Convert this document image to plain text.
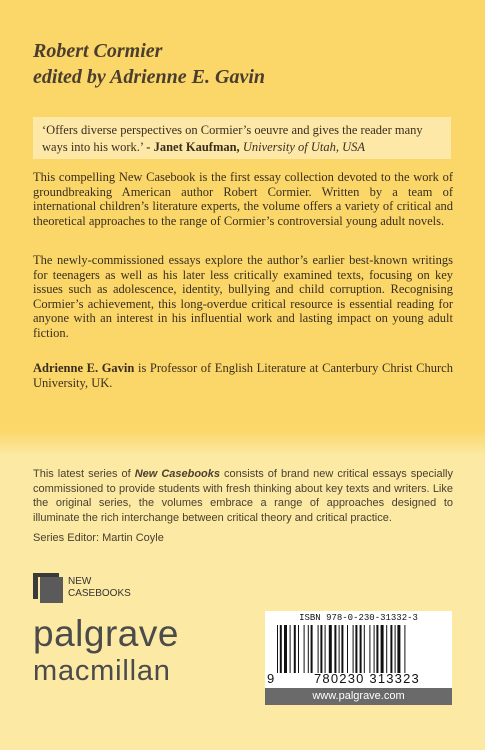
Robert Cormier

edited by Adrienne E. Gavin

‘Offers diverse perspectives on Cormier’s oeuvre and gives the reader many ways into his work.’ - Janet Kaufman, University of Utah, USA

This compelling New Casebook is the first essay collection devoted to the work of groundbreaking American author Robert Cormier. Written by a team of international children’s literature experts, the volume offers a variety of critical and theoretical approaches to the range of Cormier’s controversial young adult novels.

The newly-commissioned essays explore the author’s earlier best-known writings for teenagers as well as his later less critically examined texts, focusing on key issues such as adolescence, identity, bullying and child corruption. Recognising Cormier’s achievement, this long-overdue critical resource is essential reading for anyone with an interest in his influential work and lasting impact on young adult fiction.

Adrienne E. Gavin is Professor of English Literature at Canterbury Christ Church University, UK.

This latest series of New Casebooks consists of brand new critical essays specially commissioned to provide students with fresh thinking about key texts and writers. Like the original series, the volumes embrace a range of approaches designed to illuminate the rich interchange between critical theory and critical practice.

Series Editor: Martin Coyle

NEW
CASEBOOKS

palgrave

macmillan

ISBN 978-0-230-31332-3

9	780230 313323
www.palgrave.com
